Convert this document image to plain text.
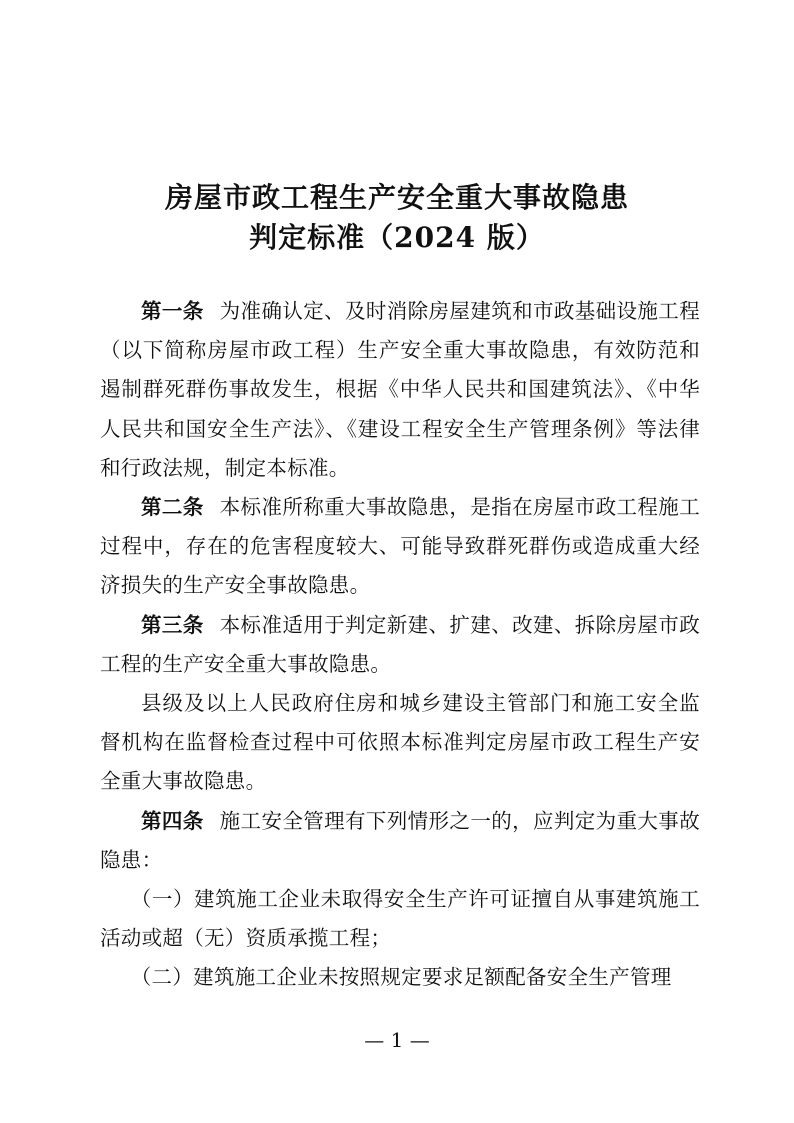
房屋市政工程生产安全重大事故隐患
判定标准（2024 版）

第一条 为准确认定、及时消除房屋建筑和市政基础设施工程（以下简称房屋市政工程）生产安全重大事故隐患，有效防范和遏制群死群伤事故发生，根据《中华人民共和国建筑法》、《中华人民共和国安全生产法》、《建设工程安全生产管理条例》等法律和行政法规，制定本标准。

第二条 本标准所称重大事故隐患，是指在房屋市政工程施工过程中，存在的危害程度较大、可能导致群死群伤或造成重大经济损失的生产安全事故隐患。

第三条 本标准适用于判定新建、扩建、改建、拆除房屋市政工程的生产安全重大事故隐患。

县级及以上人民政府住房和城乡建设主管部门和施工安全监督机构在监督检查过程中可依照本标准判定房屋市政工程生产安全重大事故隐患。

第四条 施工安全管理有下列情形之一的，应判定为重大事故隐患：

（一）建筑施工企业未取得安全生产许可证擅自从事建筑施工活动或超（无）资质承揽工程；

（二）建筑施工企业未按照规定要求足额配备安全生产管理

— 1 —
